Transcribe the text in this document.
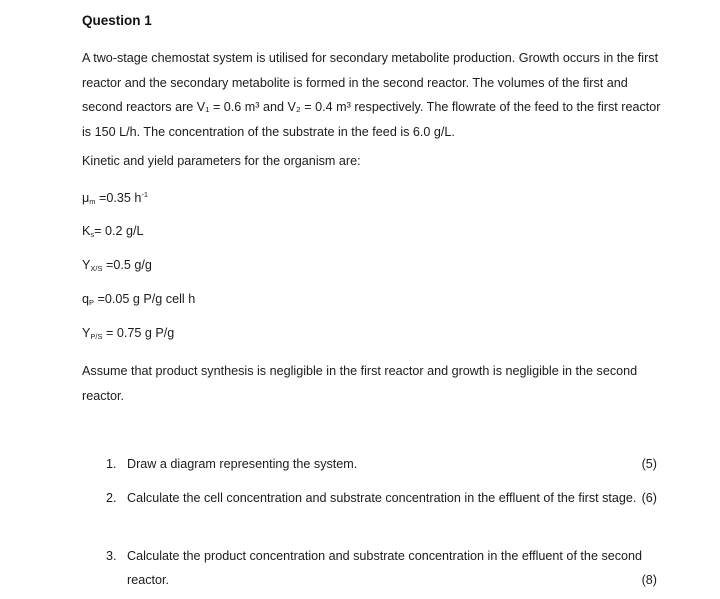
Question 1

A two-stage chemostat system is utilised for secondary metabolite production. Growth occurs in the first reactor and the secondary metabolite is formed in the second reactor. The volumes of the first and second reactors are V₁ = 0.6 m³ and V₂ = 0.4 m³ respectively. The flowrate of the feed to the first reactor is 150 L/h. The concentration of the substrate in the feed is 6.0 g/L.

Kinetic and yield parameters for the organism are:
$\mu_m =0.35$ $h^{-1}$
$K_s= 0.2$ g/L
$Y_{X/S} =0.5$ g/g
$q_P =0.05$ g P/g cell h
$Y_{P/S} = 0.75$ g P/g

Assume that product synthesis is negligible in the first reactor and growth is negligible in the second reactor.

1. Draw a diagram representing the system.	(5)
2. Calculate the cell concentration and substrate concentration in the effluent of the first stage. (6)
3. Calculate the product concentration and substrate concentration in the effluent of the second reactor.	(8)
